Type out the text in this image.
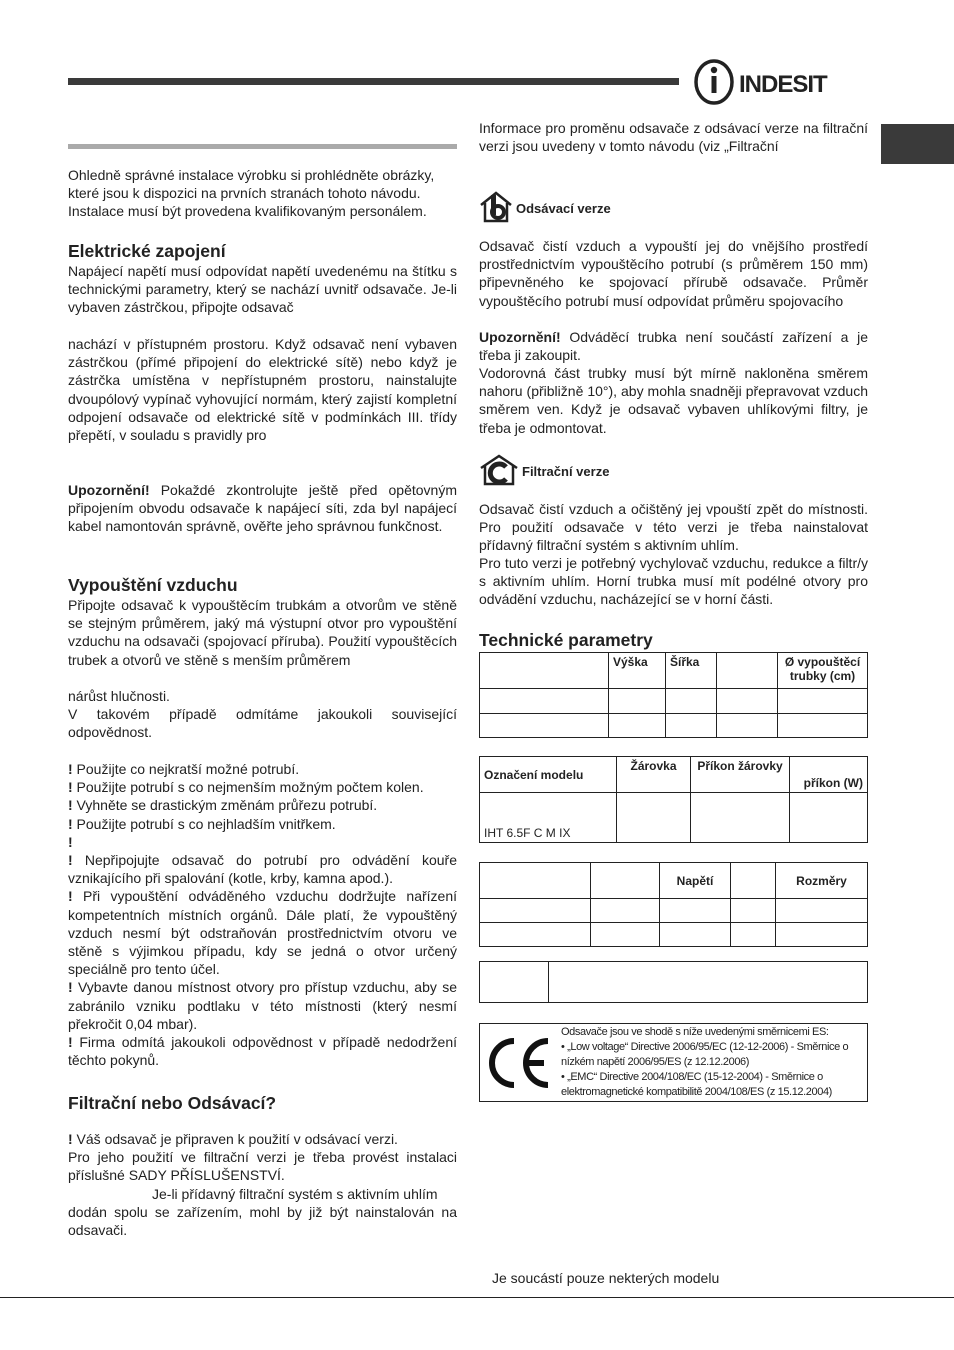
indesit

Ohledně správné instalace výrobku si prohlédněte obrázky,

které jsou k dispozici na prvních stranách tohoto návodu.

Instalace musí být provedena kvalifikovaným personálem.

Elektrické zapojení

Napájecí napětí musí odpovídat napětí uvedenému na štítku s technickými parametry, který se nachází uvnitř odsavače. Je-li vybaven zástrčkou, připojte odsavač

nachází v přístupném prostoru. Když odsavač není vybaven zástrčkou (přímé připojení do elektrické sítě) nebo když je zástrčka umístěna v nepřístupném prostoru, nainstalujte dvoupólový vypínač vyhovující normám, který zajistí kompletní odpojení odsavače od elektrické sítě v podmínkách III. třídy přepětí, v souladu s pravidly pro

Upozornění! Pokaždé zkontrolujte ještě před opětovným připojením obvodu odsavače k napájecí síti, zda byl napájecí kabel namontován správně, ověřte jeho správnou funkčnost.

Vypouštění vzduchu

Připojte odsavač k vypouštěcím trubkám a otvorům ve stěně se stejným průměrem, jaký má výstupní otvor pro vypouštění vzduchu na odsavači (spojovací příruba). Použití vypouštěcích trubek a otvorů ve stěně s menším průměrem

nárůst hlučnosti.

V takovém případě odmítáme jakoukoli související odpovědnost.

! Použijte co nejkratší možné potrubí.

! Použijte potrubí s co nejmenším možným počtem kolen.

! Vyhněte se drastickým změnám průřezu potrubí.

! Použijte potrubí s co nejhladším vnitřkem.

!

! Nepřipojujte odsavač do potrubí pro odvádění kouře vznikajícího při spalování (kotle, krby, kamna apod.).

! Při vypouštění odváděného vzduchu dodržujte nařízení kompetentních místních orgánů. Dále platí, že vypouštěný vzduch nesmí být odstraňován prostřednictvím otvoru ve stěně s výjimkou případu, kdy se jedná o otvor určený speciálně pro tento účel.

! Vybavte danou místnost otvory pro přístup vzduchu, aby se zabránilo vzniku podtlaku v této místnosti (který nesmí překročit 0,04 mbar).

! Firma odmítá jakoukoli odpovědnost v případě nedodržení těchto pokynů.

Filtrační nebo Odsávací?

! Váš odsavač je připraven k použití v odsávací verzi.

Pro jeho použití ve filtrační verzi je třeba provést instalaci příslušné SADY PŘÍSLUŠENSTVÍ.

Je-li přídavný filtrační systém s aktivním uhlím

dodán spolu se zařízením, mohl by již být nainstalován na odsavači.

Informace pro proměnu odsavače z odsávací verze na filtrační verzi jsou uvedeny v tomto návodu (viz „Filtrační

Odsávací verze

Odsavač čistí vzduch a vypouští jej do vnějšího prostředí prostřednictvím vypouštěcího potrubí (s průměrem 150 mm) připevněného ke spojovací přírubě odsavače. Průměr vypouštěcího potrubí musí odpovídat průměru spojovacího

Upozornění! Odváděcí trubka není součástí zařízení a je třeba ji zakoupit.

Vodorovná část trubky musí být mírně nakloněna směrem nahoru (přibližně 10°), aby mohla snadněji přepravovat vzduch směrem ven. Když je odsavač vybaven uhlíkovými filtry, je třeba je odmontovat.

Filtrační verze

Odsavač čistí vzduch a očištěný jej vpouští zpět do místnosti. Pro použití odsavače v této verzi je třeba nainstalovat přídavný filtrační systém s aktivním uhlím.

Pro tuto verzi je potřebný vychylovač vzduchu, redukce a filtr/y s aktivním uhlím. Horní trubka musí mít podélné otvory pro odvádění vzduchu, nacházející se v horní části.

Technické parametry
	Výška	Šířka		Ø vypouštěcí trubky (cm)

Označení modelu	Žárovka	Příkon žárovky	příkon (W)
IHT 6.5F C M IX			
		Napětí		Rozměry

Odsavače jsou ve shodě s níže uvedenými směrnicemi ES:
• „Low voltage“ Directive 2006/95/EC (12-12-2006) - Směrnice o nízkém napětí 2006/95/ES (z 12.12.2006)
• „EMC“ Directive 2004/108/EC (15-12-2004) - Směrnice o elektromagnetické kompatibilitě 2004/108/ES (z 15.12.2004)

Je soucástí pouze nekterých modelu
